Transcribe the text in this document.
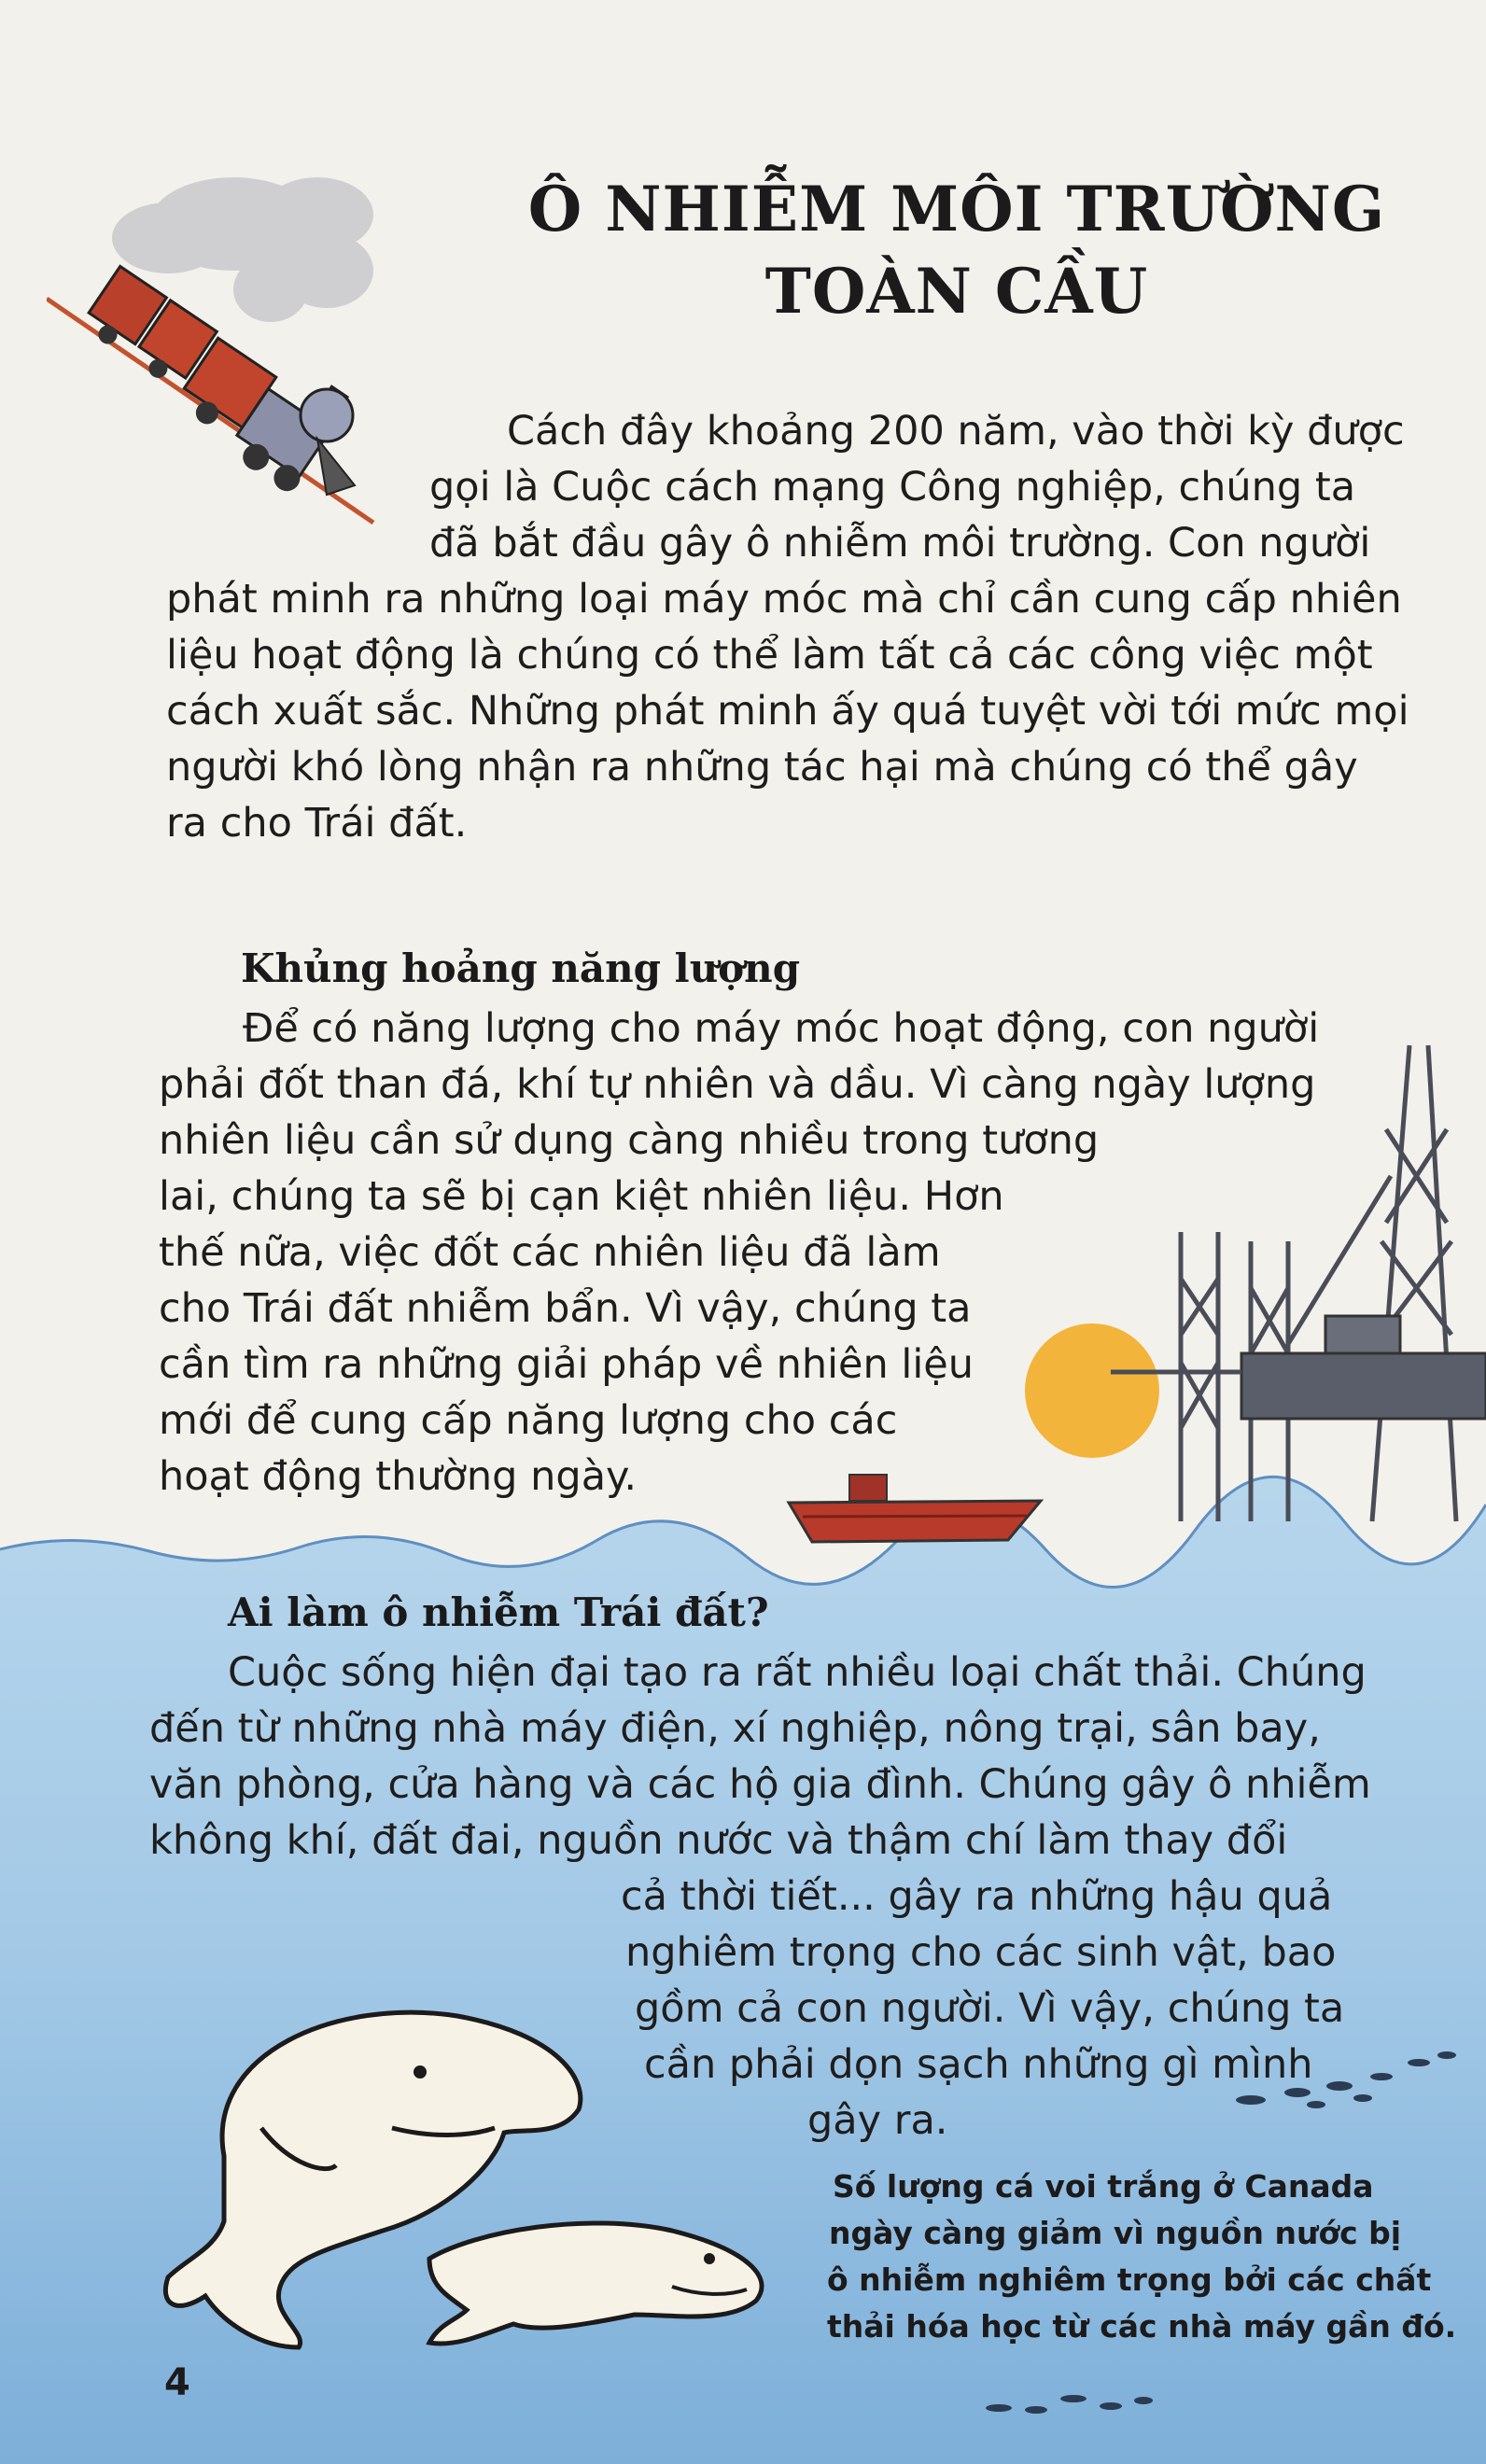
Ô NHIỄM MÔI TRƯỜNG
TOÀN CẦU

Cách đây khoảng 200 năm, vào thời kỳ được
gọi là Cuộc cách mạng Công nghiệp, chúng ta
đã bắt đầu gây ô nhiễm môi trường. Con người
phát minh ra những loại máy móc mà chỉ cần cung cấp nhiên
liệu hoạt động là chúng có thể làm tất cả các công việc một
cách xuất sắc. Những phát minh ấy quá tuyệt vời tới mức mọi
người khó lòng nhận ra những tác hại mà chúng có thể gây
ra cho Trái đất.

Khủng hoảng năng lượng

Để có năng lượng cho máy móc hoạt động, con người
phải đốt than đá, khí tự nhiên và dầu. Vì càng ngày lượng
nhiên liệu cần sử dụng càng nhiều trong tương
lai, chúng ta sẽ bị cạn kiệt nhiên liệu. Hơn
thế nữa, việc đốt các nhiên liệu đã làm
cho Trái đất nhiễm bẩn. Vì vậy, chúng ta
cần tìm ra những giải pháp về nhiên liệu
mới để cung cấp năng lượng cho các
hoạt động thường ngày.

Ai làm ô nhiễm Trái đất?

Cuộc sống hiện đại tạo ra rất nhiều loại chất thải. Chúng
đến từ những nhà máy điện, xí nghiệp, nông trại, sân bay,
văn phòng, cửa hàng và các hộ gia đình. Chúng gây ô nhiễm
không khí, đất đai, nguồn nước và thậm chí làm thay đổi
cả thời tiết... gây ra những hậu quả
nghiêm trọng cho các sinh vật, bao
gồm cả con người. Vì vậy, chúng ta
cần phải dọn sạch những gì mình
gây ra.

Số lượng cá voi trắng ở Canada
ngày càng giảm vì nguồn nước bị
ô nhiễm nghiêm trọng bởi các chất
thải hóa học từ các nhà máy gần đó.

4
